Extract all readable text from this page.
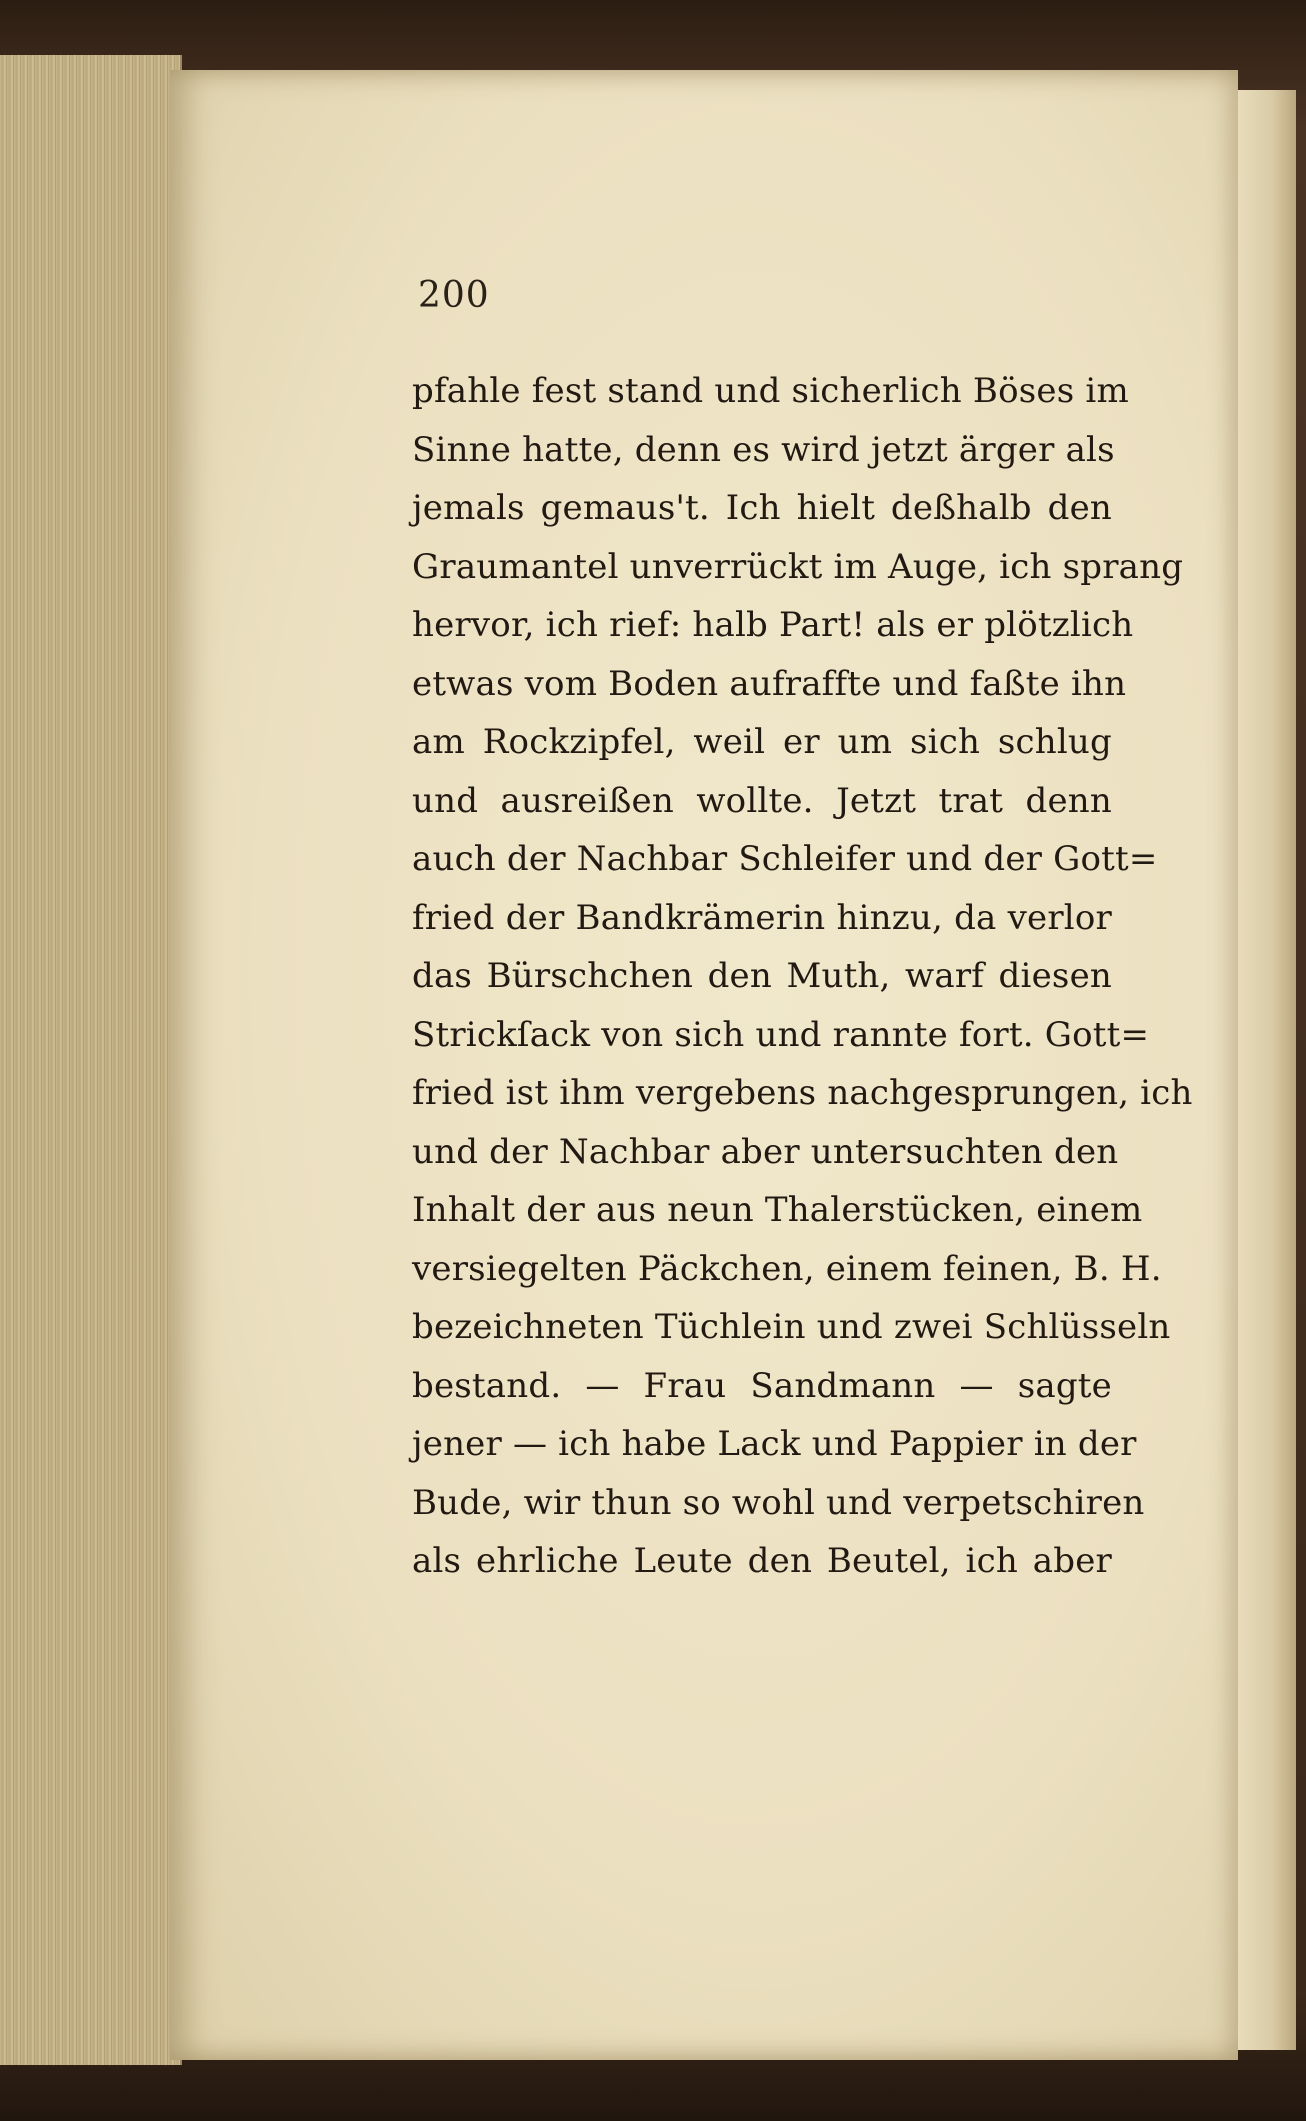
200
pfahle fest stand und sicherlich Böses im
Sinne hatte, denn es wird jetzt ärger als
jemals gemaus't. Ich hielt deßhalb den
Graumantel unverrückt im Auge, ich sprang
hervor, ich rief: halb Part! als er plötzlich
etwas vom Boden aufraffte und faßte ihn
am Rockzipfel, weil er um sich schlug
und ausreißen wollte. Jetzt trat denn
auch der Nachbar Schleifer und der Gott=
fried der Bandkrämerin hinzu, da verlor
das Bürschchen den Muth, warf diesen
Strickſack von sich und rannte fort. Gott=
fried ist ihm vergebens nachgesprungen, ich
und der Nachbar aber untersuchten den
Inhalt der aus neun Thalerstücken, einem
versiegelten Päckchen, einem feinen, B. H.
bezeichneten Tüchlein und zwei Schlüsseln
bestand. — Frau Sandmann — sagte
jener — ich habe Lack und Pappier in der
Bude, wir thun so wohl und verpetschiren
als ehrliche Leute den Beutel, ich aber
